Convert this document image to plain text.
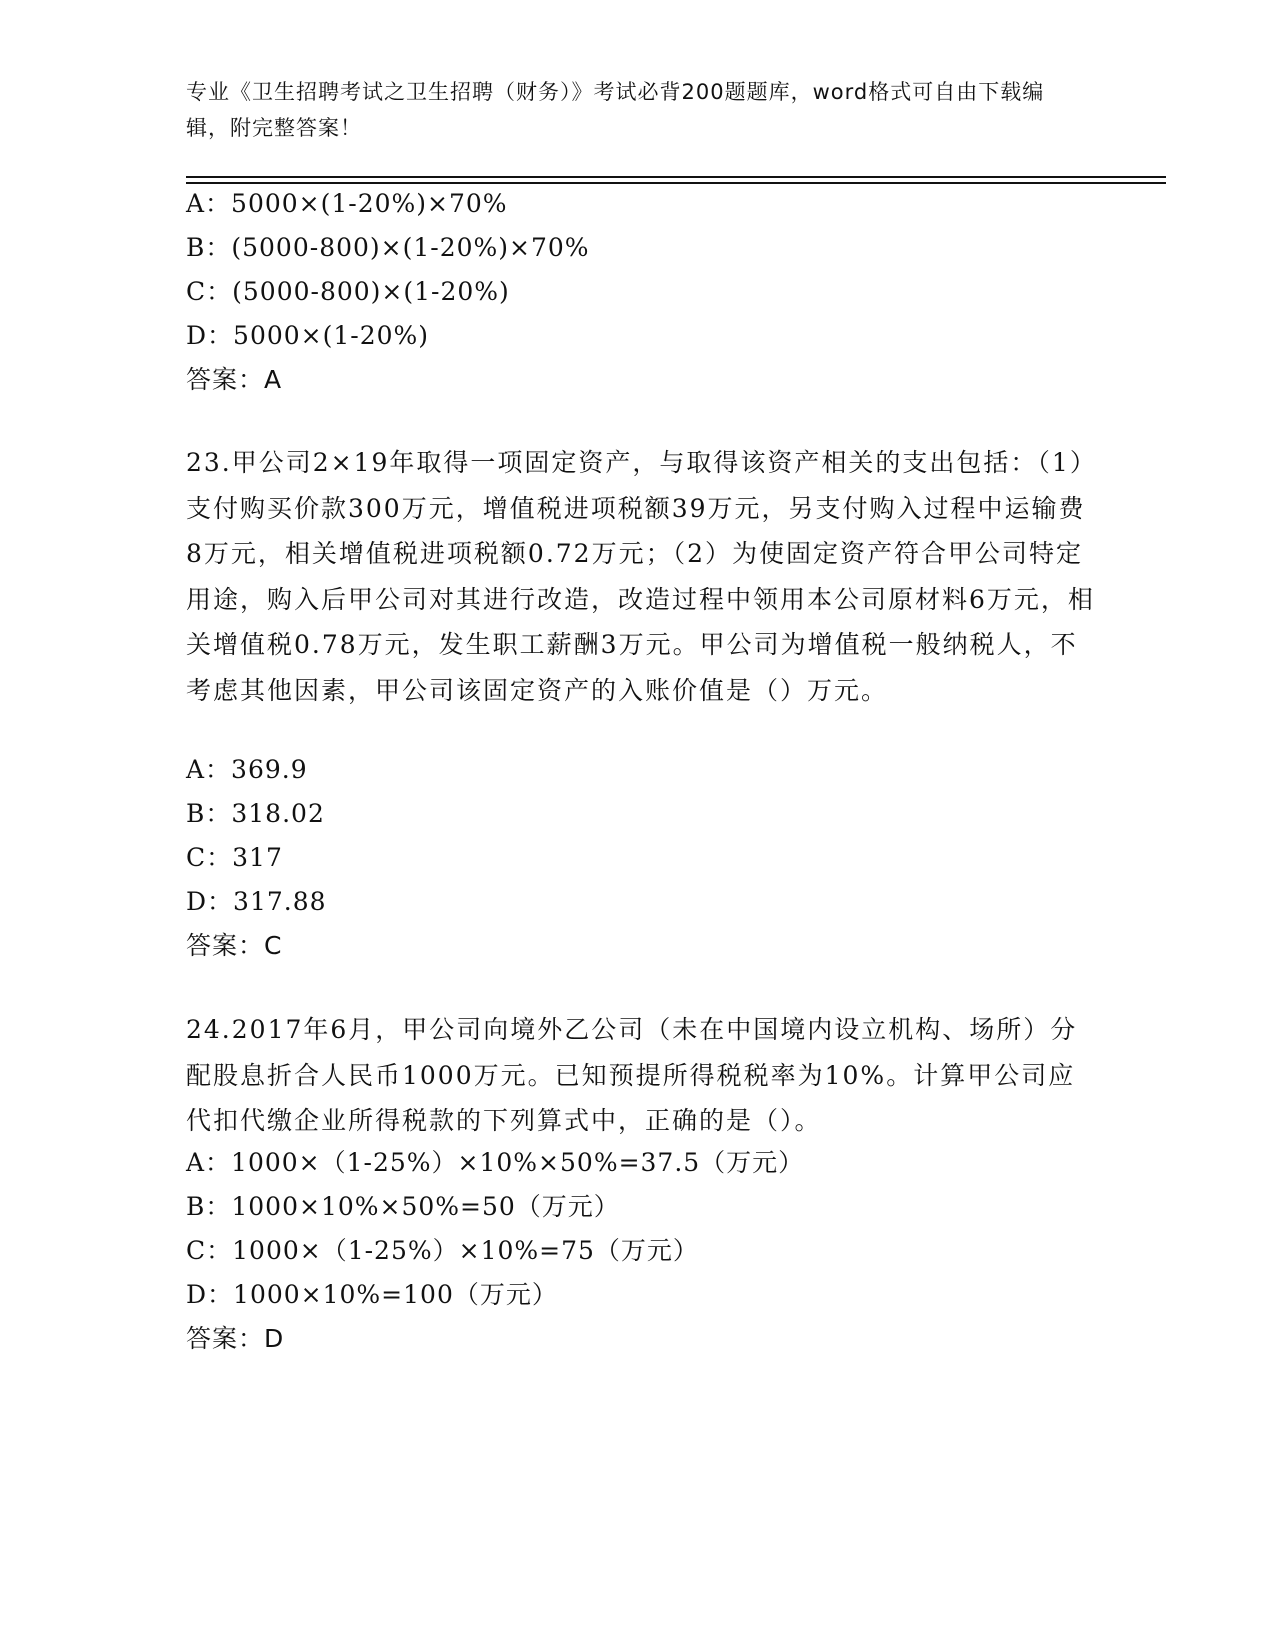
专业《卫生招聘考试之卫生招聘（财务）》考试必背200题题库，word格式可自由下载编辑，附完整答案！
A：5000×(1-20%)×70%
B：(5000-800)×(1-20%)×70%
C：(5000-800)×(1-20%)
D：5000×(1-20%)
答案：A
23.甲公司2×19年取得一项固定资产，与取得该资产相关的支出包括：（1）支付购买价款300万元，增值税进项税额39万元，另支付购入过程中运输费8万元，相关增值税进项税额0.72万元；（2）为使固定资产符合甲公司特定用途，购入后甲公司对其进行改造，改造过程中领用本公司原材料6万元，相关增值税0.78万元，发生职工薪酬3万元。甲公司为增值税一般纳税人，不考虑其他因素，甲公司该固定资产的入账价值是（）万元。
A：369.9
B：318.02
C：317
D：317.88
答案：C
24.2017年6月，甲公司向境外乙公司（未在中国境内设立机构、场所）分配股息折合人民币1000万元。已知预提所得税税率为10%。计算甲公司应代扣代缴企业所得税款的下列算式中，正确的是（）。
A：1000×（1-25%）×10%×50%=37.5（万元）
B：1000×10%×50%=50（万元）
C：1000×（1-25%）×10%=75（万元）
D：1000×10%=100（万元）
答案：D
